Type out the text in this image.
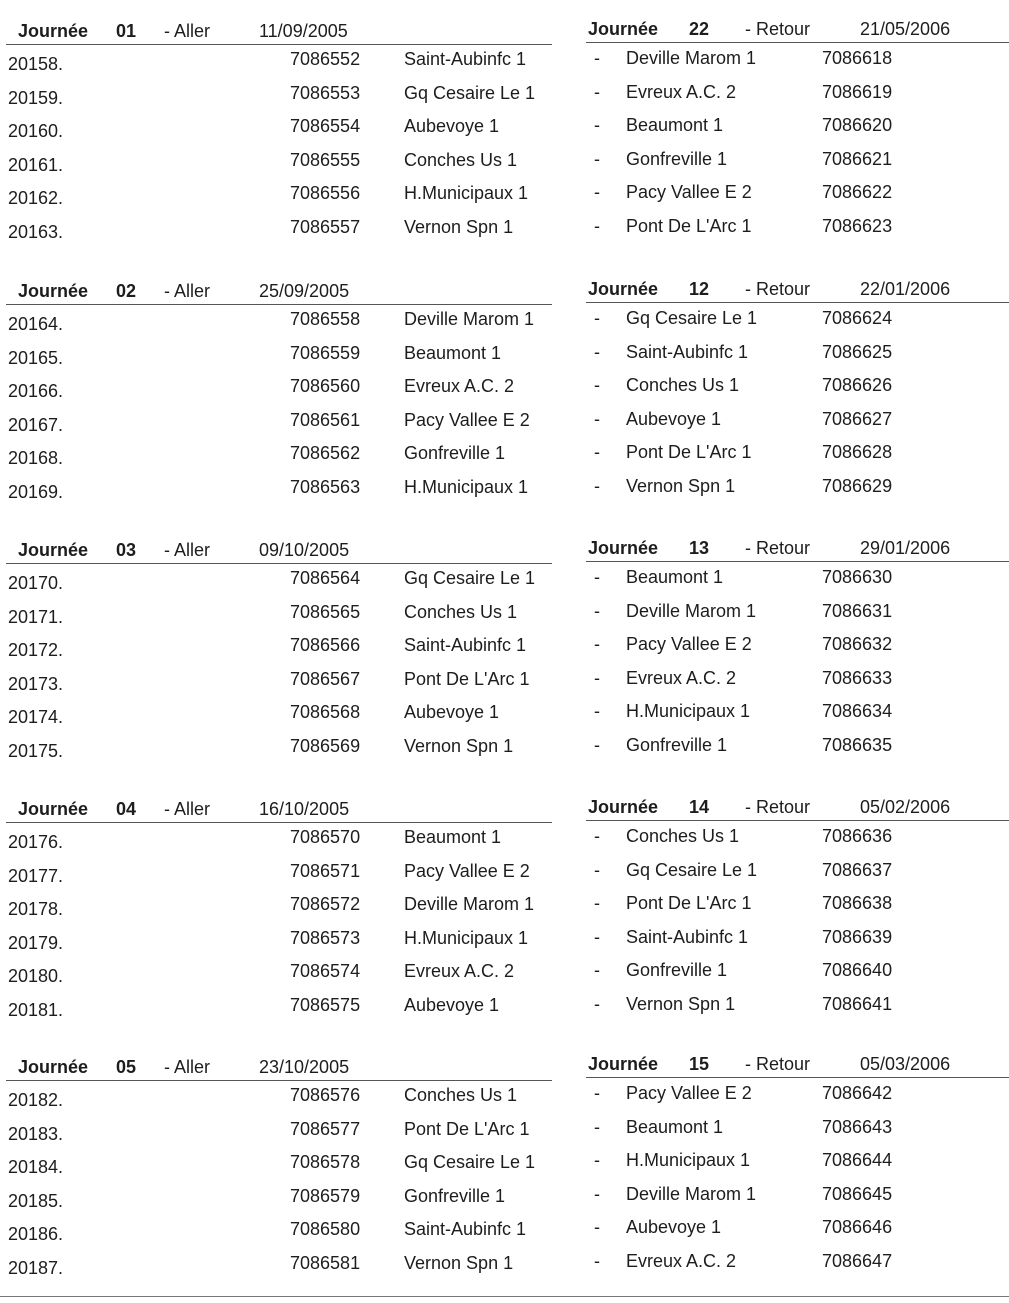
Journée 01 - Aller	11/09/2005
20158.	7086552 Saint-Aubinfc 1
20159.	7086553 Gq Cesaire Le 1
20160.	7086554 Aubevoye 1
20161.	7086555 Conches Us 1
20162.	7086556 H.Municipaux 1
20163.	7086557 Vernon Spn 1
Journée 02 - Aller	25/09/2005
20164.	7086558 Deville Marom 1
20165.	7086559 Beaumont 1
20166.	7086560 Evreux A.C. 2
20167.	7086561 Pacy Vallee E 2
20168.	7086562 Gonfreville 1
20169.	7086563 H.Municipaux 1
Journée 03 - Aller	09/10/2005
20170.	7086564 Gq Cesaire Le 1
20171.	7086565 Conches Us 1
20172.	7086566 Saint-Aubinfc 1
20173.	7086567 Pont De L'Arc 1
20174.	7086568 Aubevoye 1
20175.	7086569 Vernon Spn 1
Journée 04 - Aller	16/10/2005
20176.	7086570 Beaumont 1
20177.	7086571 Pacy Vallee E 2
20178.	7086572 Deville Marom 1
20179.	7086573 H.Municipaux 1
20180.	7086574 Evreux A.C. 2
20181.	7086575 Aubevoye 1
Journée 05 - Aller	23/10/2005
20182.	7086576 Conches Us 1
20183.	7086577 Pont De L'Arc 1
20184.	7086578 Gq Cesaire Le 1
20185.	7086579 Gonfreville 1
20186.	7086580 Saint-Aubinfc 1
20187.	7086581 Vernon Spn 1
Journée 22 - Retour	21/05/2006
- Deville Marom 1	7086618
- Evreux A.C. 2	7086619
- Beaumont 1	7086620
- Gonfreville 1	7086621
- Pacy Vallee E 2	7086622
- Pont De L'Arc 1	7086623
Journée 12 - Retour	22/01/2006
- Gq Cesaire Le 1	7086624
- Saint-Aubinfc 1	7086625
- Conches Us 1	7086626
- Aubevoye 1	7086627
- Pont De L'Arc 1	7086628
- Vernon Spn 1	7086629
Journée 13 - Retour	29/01/2006
- Beaumont 1	7086630
- Deville Marom 1	7086631
- Pacy Vallee E 2	7086632
- Evreux A.C. 2	7086633
- H.Municipaux 1	7086634
- Gonfreville 1	7086635
Journée 14 - Retour	05/02/2006
- Conches Us 1	7086636
- Gq Cesaire Le 1	7086637
- Pont De L'Arc 1	7086638
- Saint-Aubinfc 1	7086639
- Gonfreville 1	7086640
- Vernon Spn 1	7086641
Journée 15 - Retour	05/03/2006
- Pacy Vallee E 2	7086642
- Beaumont 1	7086643
- H.Municipaux 1	7086644
- Deville Marom 1	7086645
- Aubevoye 1	7086646
- Evreux A.C. 2	7086647
